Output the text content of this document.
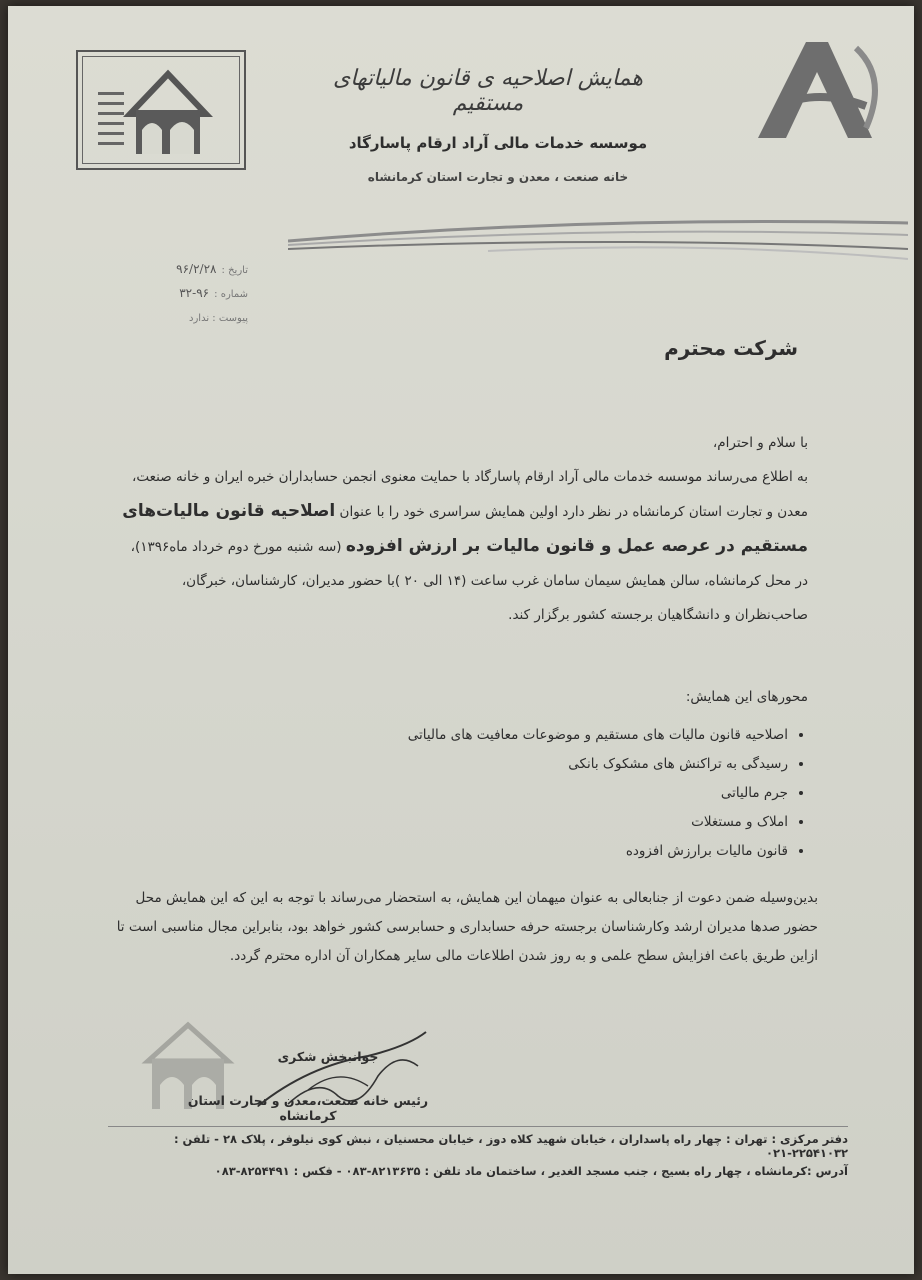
همایش اصلاحیه ی قانون مالیاتهای مستقیم
موسسه خدمات مالی آراد ارقام پاسارگاد
خانه صنعت ، معدن و تجارت استان کرمانشاه
تاریخ : ۹۶/۲/۲۸
شماره : ۹۶-۳۲
پیوست : ندارد
شرکت محترم
با سلام و احترام،
به اطلاع می‌رساند موسسه خدمات مالی آراد ارقام پاسارگاد با حمایت معنوی انجمن حسابداران خبره ایران و خانه صنعت، معدن و تجارت استان کرمانشاه در نظر دارد اولین همایش سراسری خود را با عنوان اصلاحیه قانون مالیات‌های مستقیم در عرصه عمل و قانون مالیات بر ارزش افزوده (سه شنبه مورخ دوم خرداد ماه۱۳۹۶)، در محل کرمانشاه، سالن همایش سیمان سامان غرب ساعت (۱۴ الی ۲۰ )با حضور مدیران، کارشناسان، خبرگان، صاحب‌نظران و دانشگاهیان برجسته کشور برگزار کند.
محورهای این همایش:
• اصلاحیه قانون مالیات های مستقیم و موضوعات معافیت های مالیاتی
• رسیدگی به تراکنش های مشکوک بانکی
• جرم مالیاتی
• املاک و مستغلات
• قانون مالیات برارزش افزوده
بدین‌وسیله ضمن دعوت از جنابعالی به عنوان میهمان این همایش، به استحضار می‌رساند با توجه به این که این همایش محل حضور صدها مدیران ارشد وکارشناسان برجسته حرفه حسابداری و حسابرسی کشور خواهد بود، بنابراین مجال مناسبی است تا ازاین طریق باعث افزایش سطح علمی و به روز شدن اطلاعات مالی سایر همکاران آن اداره محترم گردد.
جوانبخش شکری
رئیس خانه صنعت،معدن و تجارت استان کرمانشاه
دفتر مرکزی : تهران : چهار راه پاسداران ، خیابان شهید کلاه دوز ، خیابان محسنیان ، نبش کوی نیلوفر ، پلاک ۲۸ - تلفن : ۲۲۵۴۱۰۳۲-۰۲۱
آدرس :کرمانشاه ، چهار راه بسیج ، جنب مسجد الغدیر ، ساختمان ماد تلفن : ۸۲۱۳۶۳۵-۰۸۳ - فکس : ۸۲۵۴۴۹۱-۰۸۳
